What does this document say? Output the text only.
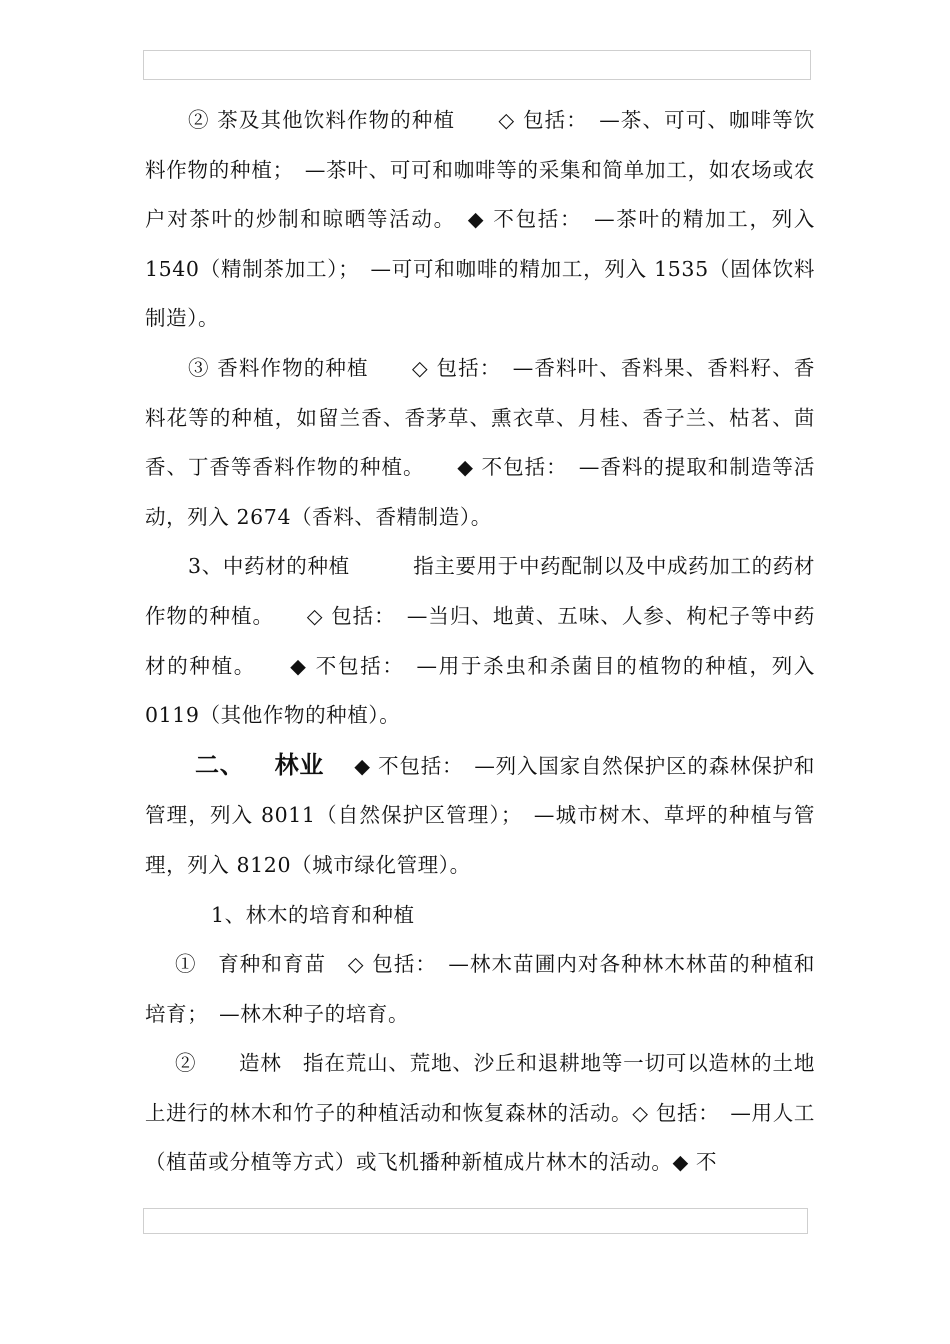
② 茶及其他饮料作物的种植　　◇ 包括：　—茶、可可、咖啡等饮料作物的种植；　—茶叶、可可和咖啡等的采集和简单加工，如农场或农户对茶叶的炒制和晾晒等活动。　◆ 不包括：　—茶叶的精加工，列入 1540（精制茶加工）；　—可可和咖啡的精加工，列入 1535（固体饮料制造）。

③ 香料作物的种植　　◇ 包括：　—香料叶、香料果、香料籽、香料花等的种植，如留兰香、香茅草、熏衣草、月桂、香子兰、枯茗、茴香、丁香等香料作物的种植。　　◆ 不包括：　—香料的提取和制造等活动，列入 2674（香料、香精制造）。

3、中药材的种植　　　指主要用于中药配制以及中成药加工的药材作物的种植。　　◇ 包括：　—当归、地黄、五味、人参、枸杞子等中药材的种植。　　◆ 不包括：　—用于杀虫和杀菌目的植物的种植，列入 0119（其他作物的种植）。

二、 林业 ◆ 不包括：　—列入国家自然保护区的森林保护和管理，列入 8011（自然保护区管理）；　—城市树木、草坪的种植与管理，列入 8120（城市绿化管理）。

1、林木的培育和种植

①　育种和育苗　◇ 包括：　—林木苗圃内对各种林木林苗的种植和培育；　—林木种子的培育。

②　　造林　指在荒山、荒地、沙丘和退耕地等一切可以造林的土地上进行的林木和竹子的种植活动和恢复森林的活动。◇ 包括：　—用人工（植苗或分植等方式）或飞机播种新植成片林木的活动。◆ 不
